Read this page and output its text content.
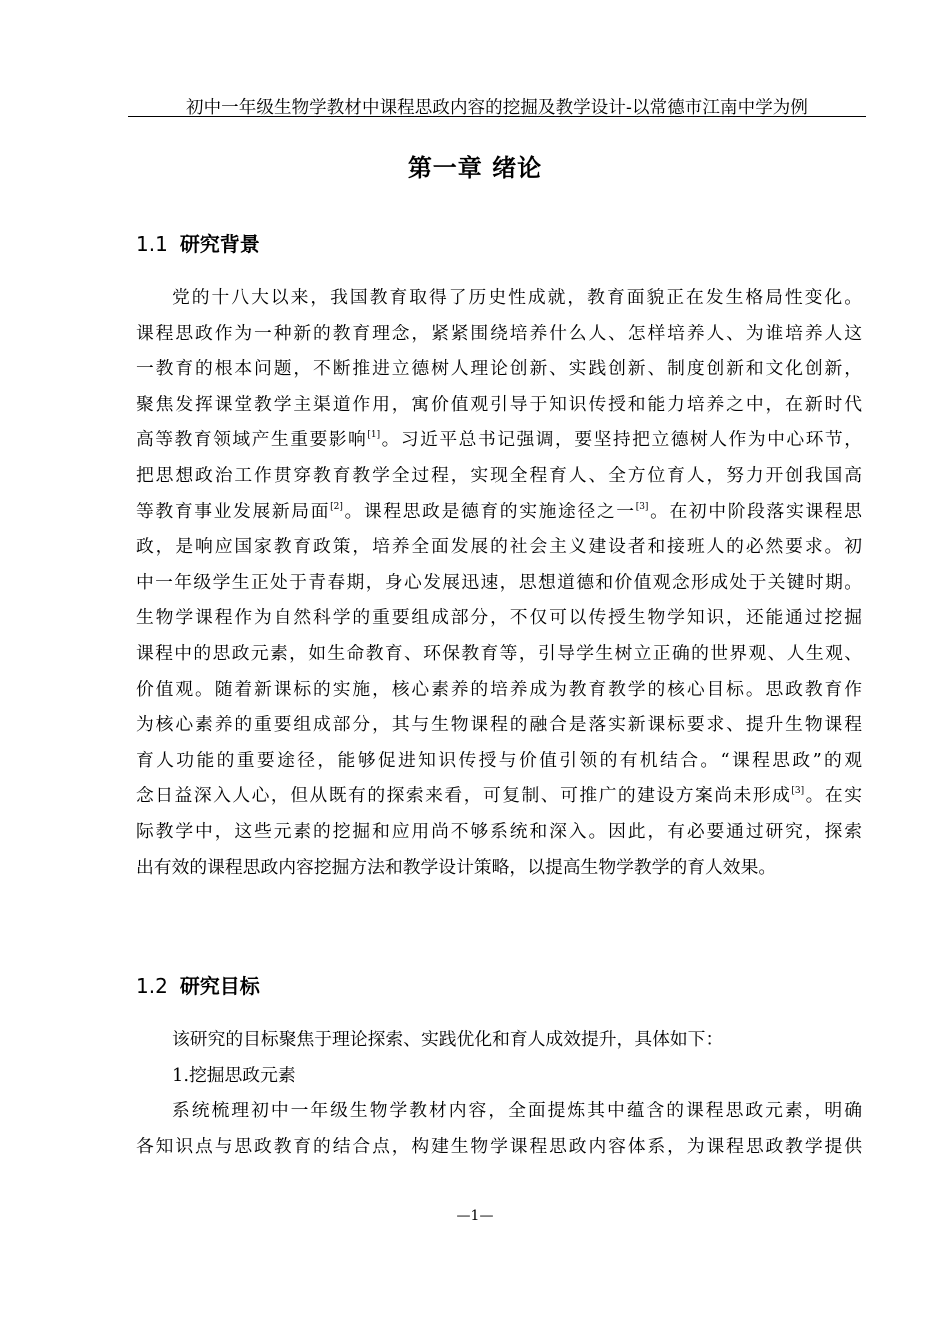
初中一年级生物学教材中课程思政内容的挖掘及教学设计-以常德市江南中学为例
第一章 绪论
1.1 研究背景
党的十八大以来，我国教育取得了历史性成就，教育面貌正在发生格局性变化。
课程思政作为一种新的教育理念，紧紧围绕培养什么人、怎样培养人、为谁培养人这
一教育的根本问题，不断推进立德树人理论创新、实践创新、制度创新和文化创新，
聚焦发挥课堂教学主渠道作用，寓价值观引导于知识传授和能力培养之中，在新时代
高等教育领域产生重要影响[1]。习近平总书记强调，要坚持把立德树人作为中心环节，
把思想政治工作贯穿教育教学全过程，实现全程育人、全方位育人，努力开创我国高
等教育事业发展新局面[2]。课程思政是德育的实施途径之一[3]。在初中阶段落实课程思
政，是响应国家教育政策，培养全面发展的社会主义建设者和接班人的必然要求。初
中一年级学生正处于青春期，身心发展迅速，思想道德和价值观念形成处于关键时期。
生物学课程作为自然科学的重要组成部分，不仅可以传授生物学知识，还能通过挖掘
课程中的思政元素，如生命教育、环保教育等，引导学生树立正确的世界观、人生观、
价值观。随着新课标的实施，核心素养的培养成为教育教学的核心目标。思政教育作
为核心素养的重要组成部分，其与生物课程的融合是落实新课标要求、提升生物课程
育人功能的重要途径，能够促进知识传授与价值引领的有机结合。“课程思政”的观
念日益深入人心，但从既有的探索来看，可复制、可推广的建设方案尚未形成[3]。在实
际教学中，这些元素的挖掘和应用尚不够系统和深入。因此，有必要通过研究，探索
出有效的课程思政内容挖掘方法和教学设计策略，以提高生物学教学的育人效果。
1.2 研究目标
该研究的目标聚焦于理论探索、实践优化和育人成效提升，具体如下：
1.挖掘思政元素
系统梳理初中一年级生物学教材内容，全面提炼其中蕴含的课程思政元素，明确
各知识点与思政教育的结合点，构建生物学课程思政内容体系，为课程思政教学提供
—1—
